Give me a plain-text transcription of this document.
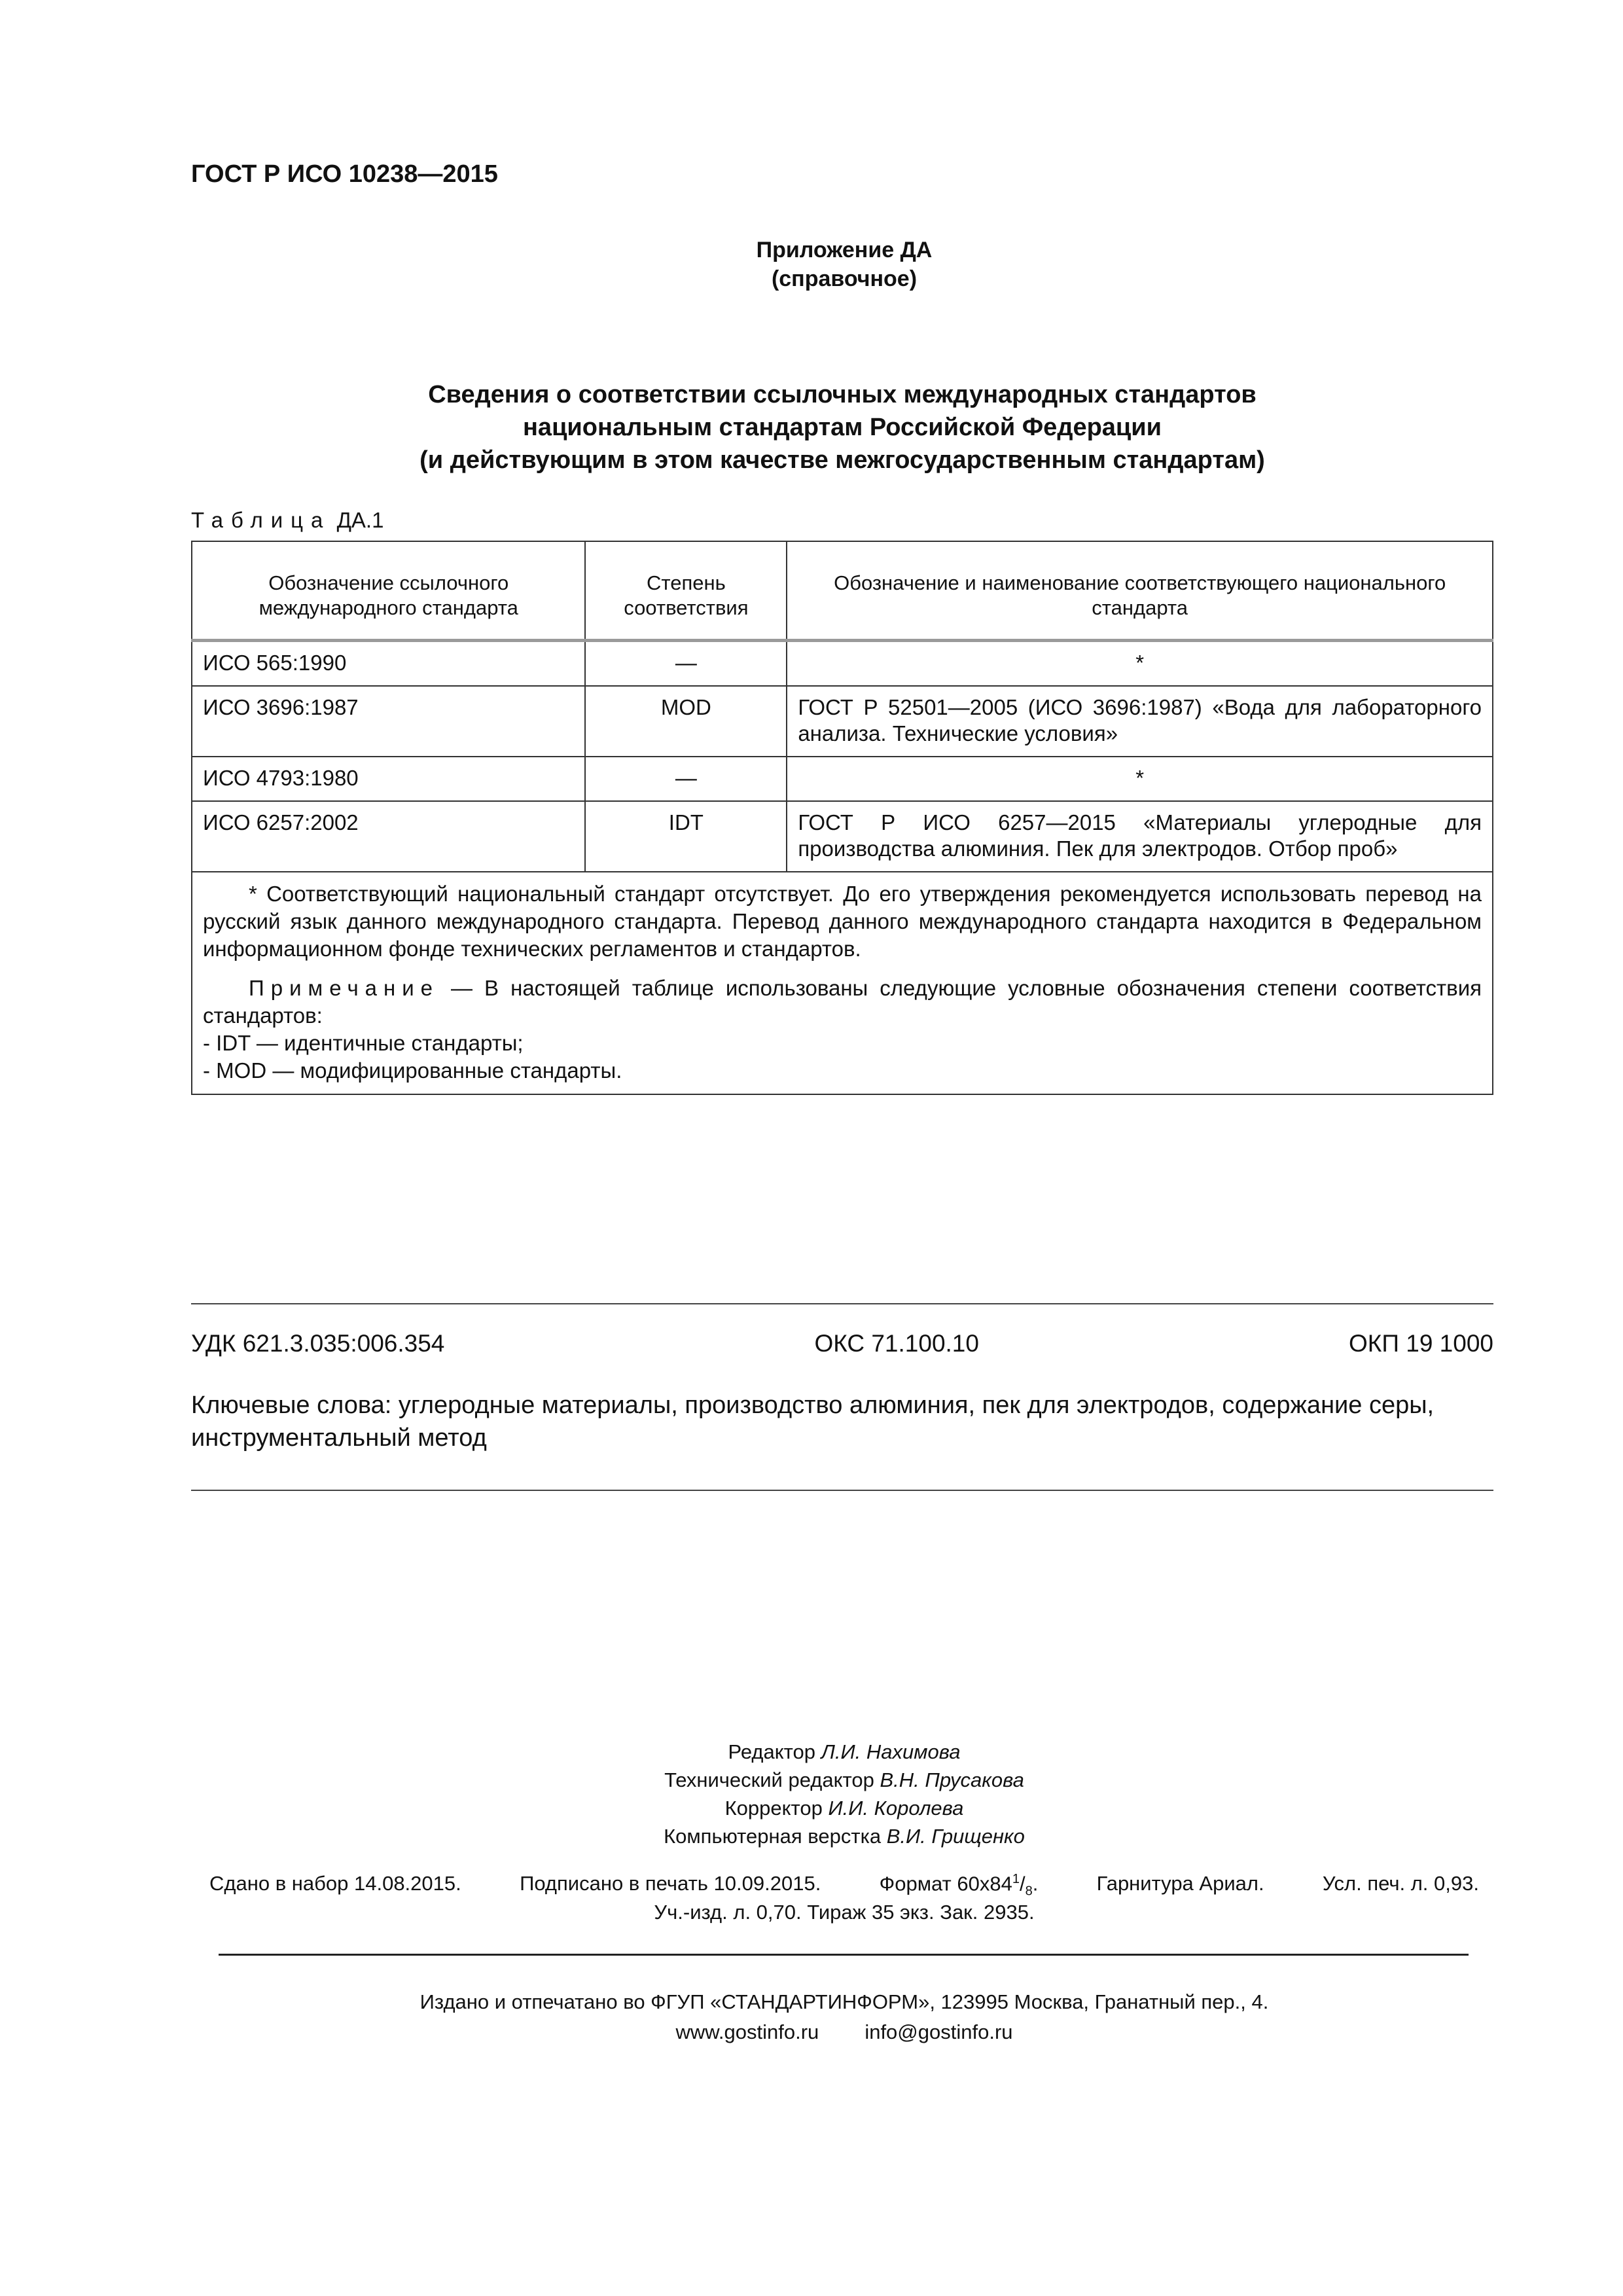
ГОСТ Р ИСО 10238—2015
Приложение ДА
(справочное)
Сведения о соответствии ссылочных международных стандартов
национальным стандартам Российской Федерации
(и действующим в этом качестве межгосударственным стандартам)
Таблица ДА.1
Обозначение ссылочного международного стандарта	Степень соответствия	Обозначение и наименование соответствующего национального стандарта
ИСО 565:1990	—	*
ИСО 3696:1987	MOD	ГОСТ Р 52501—2005 (ИСО 3696:1987) «Вода для лабораторного анализа. Технические условия»
ИСО 4793:1980	—	*
ИСО 6257:2002	IDT	ГОСТ Р ИСО 6257—2015 «Материалы углеродные для производства алюминия. Пек для электродов. Отбор проб»

* Соответствующий национальный стандарт отсутствует. До его утверждения рекомендуется использовать перевод на русский язык данного международного стандарта. Перевод данного международного стандарта находится в Федеральном информационном фонде технических регламентов и стандартов.

Примечание — В настоящей таблице использованы следующие условные обозначения степени соответствия стандартов:

- IDT — идентичные стандарты;
- MOD — модифицированные стандарты.		
УДК 621.3.035:006.354	ОКС 71.100.10	ОКП 19 1000
Ключевые слова: углеродные материалы, производство алюминия, пек для электродов, содержание серы, инструментальный метод
Редактор Л.И. Нахимова
Технический редактор В.Н. Прусакова
Корректор И.И. Королева
Компьютерная верстка В.И. Грищенко
Сдано в набор 14.08.2015.	Подписано в печать 10.09.2015.	Формат $60x84^1/_8$.	Гарнитура Ариал.	Усл. печ. л. 0,93.
Уч.-изд. л. 0,70. Тираж 35 экз. Зак. 2935.
Издано и отпечатано во ФГУП «СТАНДАРТИНФОРМ», 123995 Москва, Гранатный пер., 4.
www.gostinfo.ru info@gostinfo.ru
